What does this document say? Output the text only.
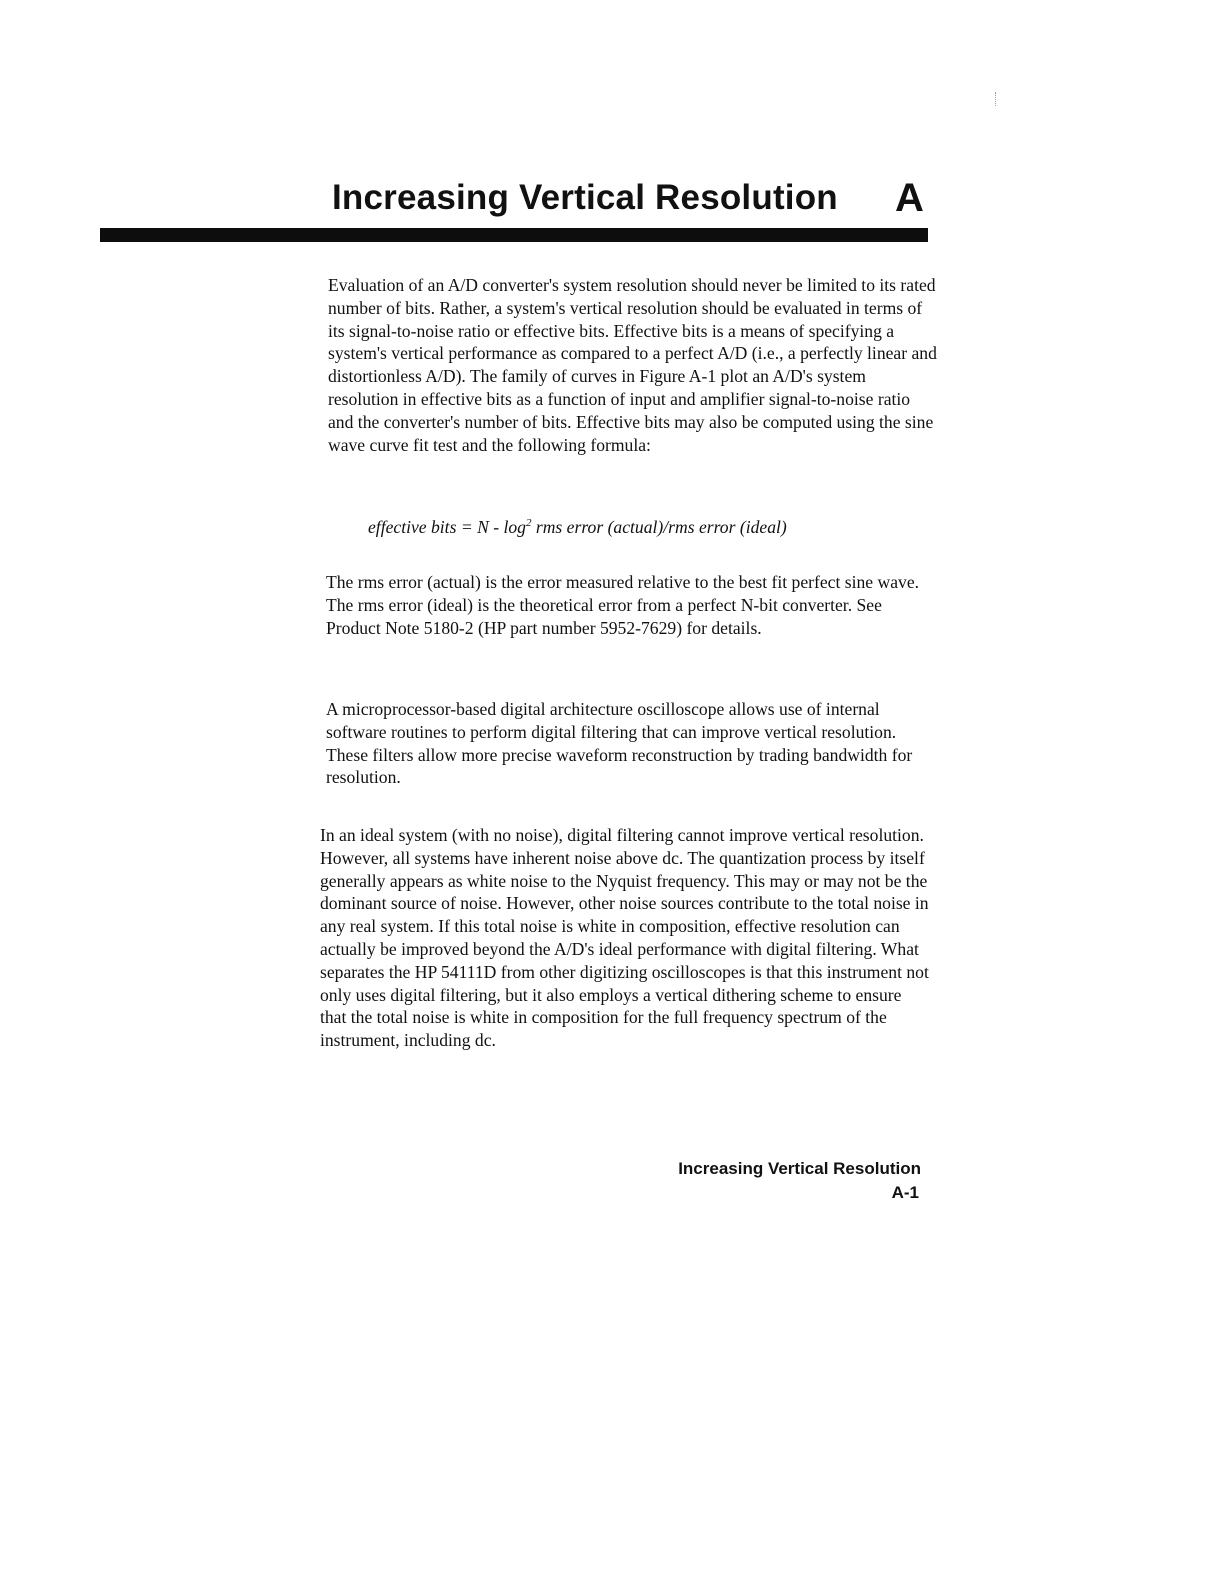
Increasing Vertical Resolution A

Evaluation of an A/D converter's system resolution should never be limited to its rated number of bits. Rather, a system's vertical resolution should be evaluated in terms of its signal-to-noise ratio or effective bits. Effective bits is a means of specifying a system's vertical performance as compared to a perfect A/D (i.e., a perfectly linear and distortionless A/D). The family of curves in Figure A-1 plot an A/D's system resolution in effective bits as a function of input and amplifier signal-to-noise ratio and the converter's number of bits. Effective bits may also be computed using the sine wave curve fit test and the following formula:

effective bits = N - $\log^2$ rms error (actual)/rms error (ideal)

The rms error (actual) is the error measured relative to the best fit perfect sine wave. The rms error (ideal) is the theoretical error from a perfect N-bit converter. See Product Note 5180-2 (HP part number 5952-7629) for details.

A microprocessor-based digital architecture oscilloscope allows use of internal software routines to perform digital filtering that can improve vertical resolution. These filters allow more precise waveform reconstruction by trading bandwidth for resolution.

In an ideal system (with no noise), digital filtering cannot improve vertical resolution. However, all systems have inherent noise above dc. The quantization process by itself generally appears as white noise to the Nyquist frequency. This may or may not be the dominant source of noise. However, other noise sources contribute to the total noise in any real system. If this total noise is white in composition, effective resolution can actually be improved beyond the A/D's ideal performance with digital filtering. What separates the HP 54111D from other digitizing oscilloscopes is that this instrument not only uses digital filtering, but it also employs a vertical dithering scheme to ensure that the total noise is white in composition for the full frequency spectrum of the instrument, including dc.

Increasing Vertical Resolution
A-1
